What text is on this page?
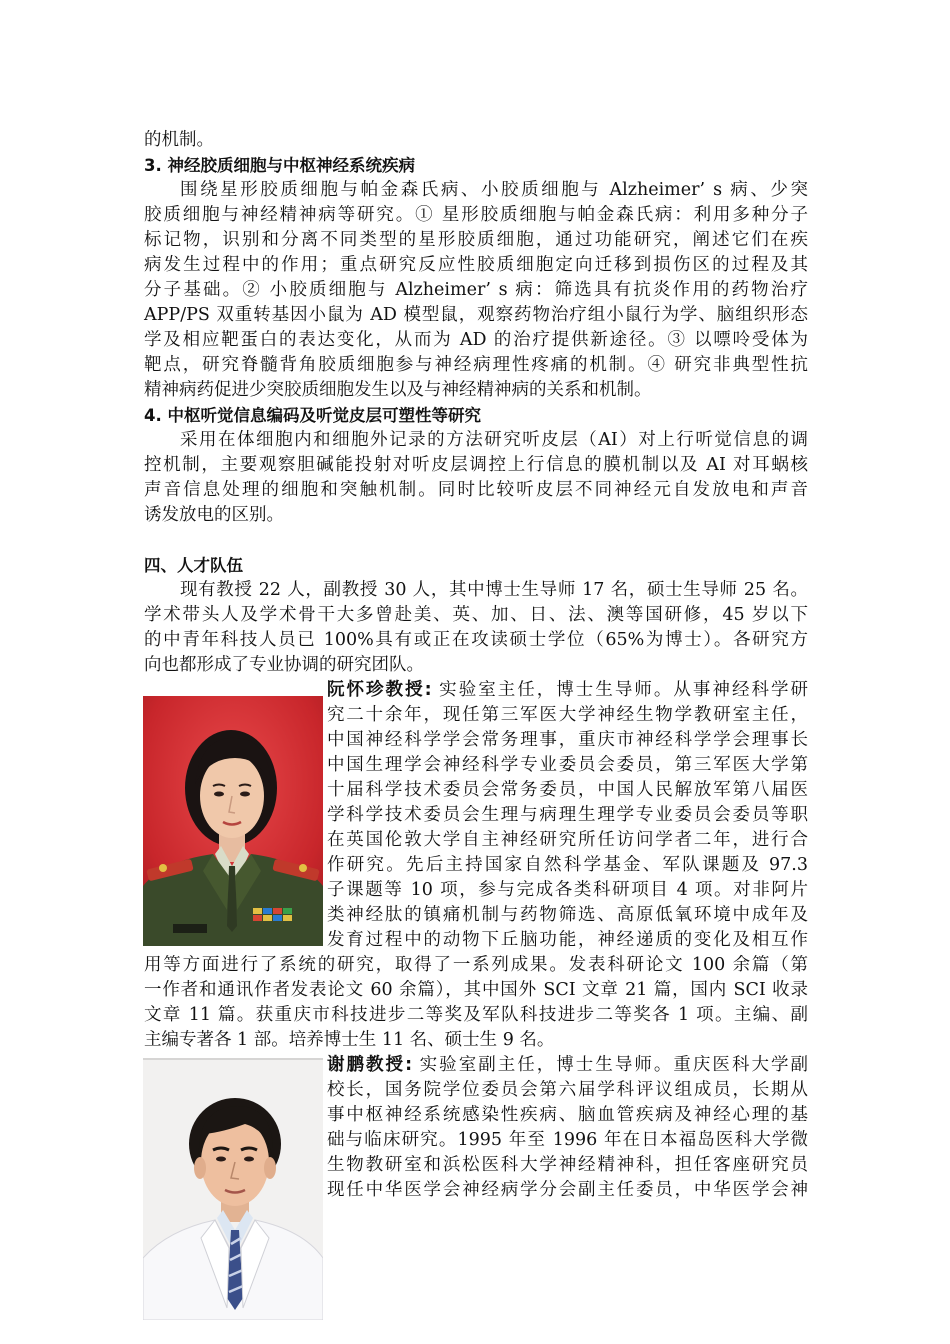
的机制。
3. 神经胶质细胞与中枢神经系统疾病
围绕星形胶质细胞与帕金森氏病、小胶质细胞与 Alzheimer’ s 病、少突
胶质细胞与神经精神病等研究。① 星形胶质细胞与帕金森氏病：利用多种分子
标记物，识别和分离不同类型的星形胶质细胞，通过功能研究，阐述它们在疾
病发生过程中的作用；重点研究反应性胶质细胞定向迁移到损伤区的过程及其
分子基础。② 小胶质细胞与 Alzheimer’ s 病：筛选具有抗炎作用的药物治疗
APP/PS 双重转基因小鼠为 AD 模型鼠，观察药物治疗组小鼠行为学、脑组织形态
学及相应靶蛋白的表达变化，从而为 AD 的治疗提供新途径。③ 以嘌呤受体为
靶点，研究脊髓背角胶质细胞参与神经病理性疼痛的机制。④ 研究非典型性抗
精神病药促进少突胶质细胞发生以及与神经精神病的关系和机制。
4. 中枢听觉信息编码及听觉皮层可塑性等研究
采用在体细胞内和细胞外记录的方法研究听皮层（AI）对上行听觉信息的调
控机制，主要观察胆碱能投射对听皮层调控上行信息的膜机制以及 AI 对耳蜗核
声音信息处理的细胞和突触机制。同时比较听皮层不同神经元自发放电和声音
诱发放电的区别。
四、人才队伍
现有教授 22 人，副教授 30 人，其中博士生导师 17 名，硕士生导师 25 名。
学术带头人及学术骨干大多曾赴美、英、加、日、法、澳等国研修，45 岁以下
的中青年科技人员已 100%具有或正在攻读硕士学位（65%为博士）。各研究方
向也都形成了专业协调的研究团队。
阮怀珍教授: 实验室主任，博士生导师。从事神经科学研
究二十余年，现任第三军医大学神经生物学教研室主任，
中国神经科学学会常务理事，重庆市神经科学学会理事长
中国生理学会神经科学专业委员会委员，第三军医大学第
十届科学技术委员会常务委员，中国人民解放军第八届医
学科学技术委员会生理与病理生理学专业委员会委员等职
在英国伦敦大学自主神经研究所任访问学者二年，进行合
作研究。先后主持国家自然科学基金、军队课题及 97.3
子课题等 10 项，参与完成各类科研项目 4 项。对非阿片
类神经肽的镇痛机制与药物筛选、高原低氧环境中成年及
发育过程中的动物下丘脑功能，神经递质的变化及相互作
用等方面进行了系统的研究，取得了一系列成果。发表科研论文 100 余篇（第
一作者和通讯作者发表论文 60 余篇），其中国外 SCI 文章 21 篇，国内 SCI 收录
文章 11 篇。获重庆市科技进步二等奖及军队科技进步二等奖各 1 项。主编、副
主编专著各 1 部。培养博士生 11 名、硕士生 9 名。
谢鹏教授: 实验室副主任，博士生导师。重庆医科大学副
校长，国务院学位委员会第六届学科评议组成员，长期从
事中枢神经系统感染性疾病、脑血管疾病及神经心理的基
础与临床研究。1995 年至 1996 年在日本福岛医科大学微
生物教研室和浜松医科大学神经精神科，担任客座研究员
现任中华医学会神经病学分会副主任委员，中华医学会神
